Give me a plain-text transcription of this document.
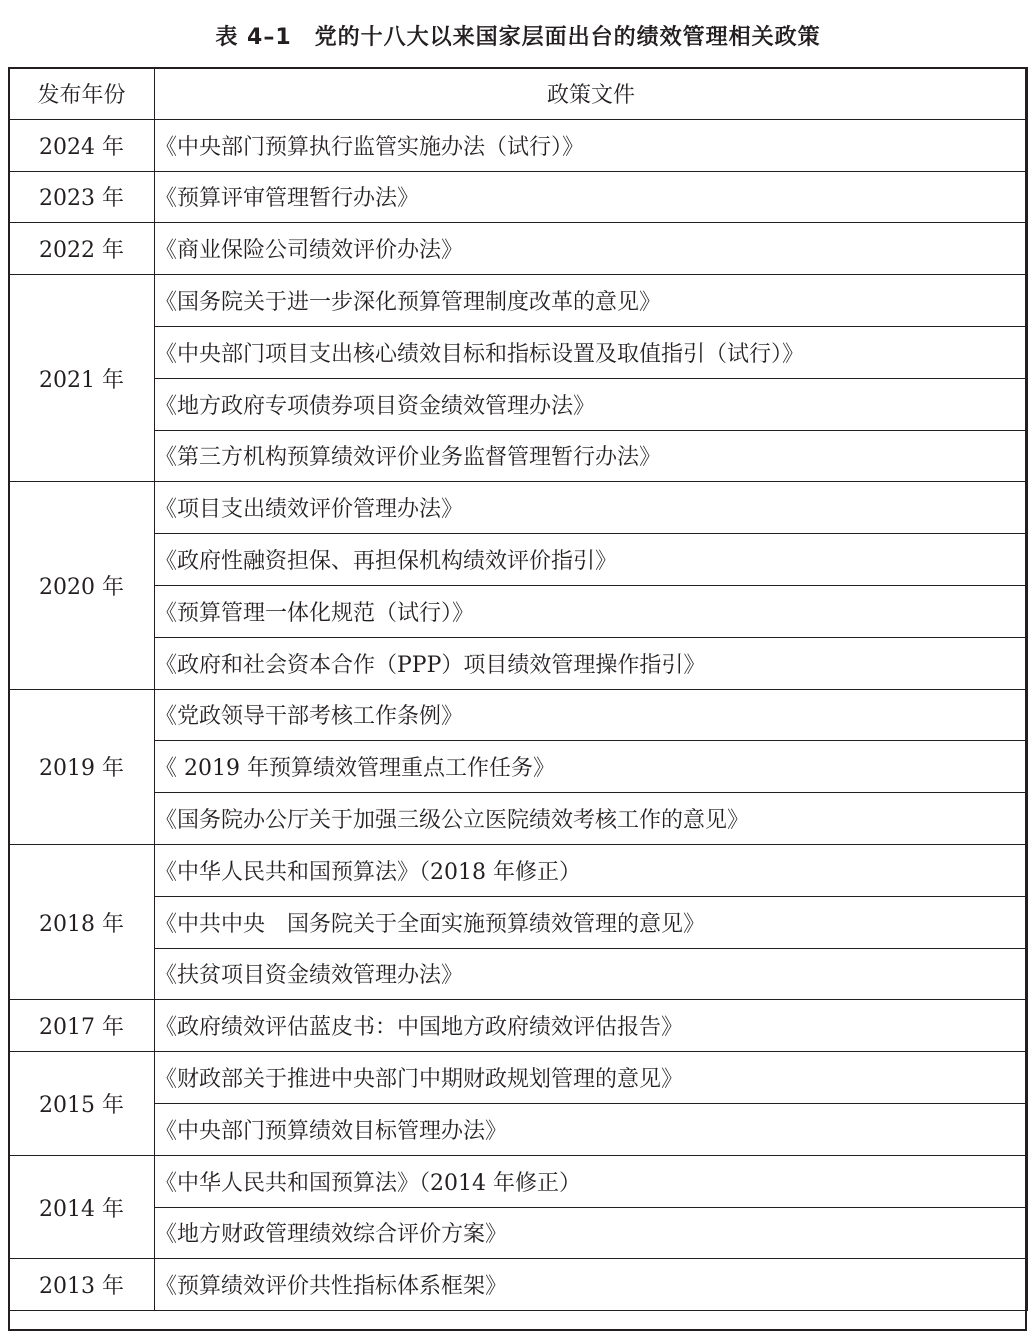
表 4–1　党的十八大以来国家层面出台的绩效管理相关政策
发布年份	政策文件
2024 年	《中央部门预算执行监管实施办法（试行）》
2023 年	《预算评审管理暂行办法》
2022 年	《商业保险公司绩效评价办法》
2021 年	《国务院关于进一步深化预算管理制度改革的意见》
	《中央部门项目支出核心绩效目标和指标设置及取值指引（试行）》
	《地方政府专项债券项目资金绩效管理办法》
	《第三方机构预算绩效评价业务监督管理暂行办法》
2020 年	《项目支出绩效评价管理办法》
	《政府性融资担保、再担保机构绩效评价指引》
	《预算管理一体化规范（试行）》
	《政府和社会资本合作（PPP）项目绩效管理操作指引》
2019 年	《党政领导干部考核工作条例》
	《 2019 年预算绩效管理重点工作任务》
	《国务院办公厅关于加强三级公立医院绩效考核工作的意见》
2018 年	《中华人民共和国预算法》（2018 年修正）
	《中共中央　国务院关于全面实施预算绩效管理的意见》
	《扶贫项目资金绩效管理办法》
2017 年	《政府绩效评估蓝皮书：中国地方政府绩效评估报告》
2015 年	《财政部关于推进中央部门中期财政规划管理的意见》
	《中央部门预算绩效目标管理办法》
2014 年	《中华人民共和国预算法》（2014 年修正）
	《地方财政管理绩效综合评价方案》
2013 年	《预算绩效评价共性指标体系框架》
